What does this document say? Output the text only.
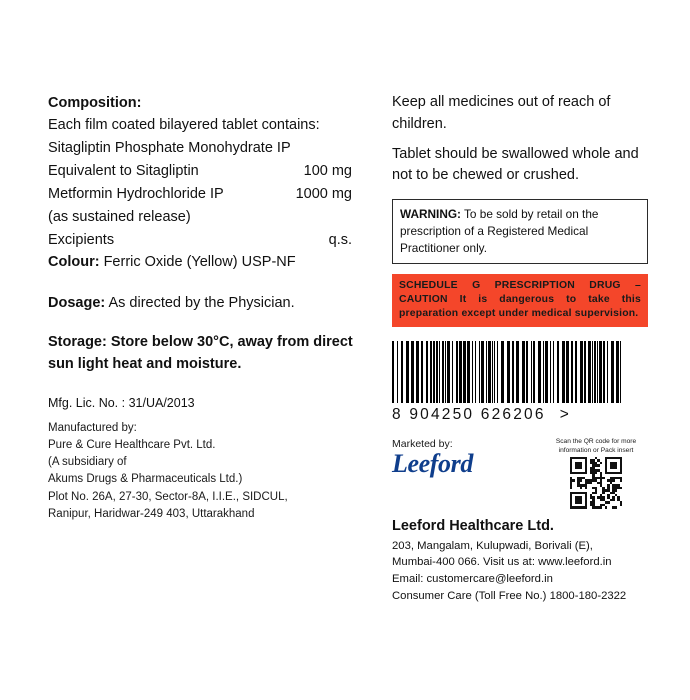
Composition:
Each film coated bilayered tablet contains:
Sitagliptin Phosphate Monohydrate IP
Equivalent to Sitagliptin	100 mg
Metformin Hydrochloride IP	1000 mg
(as sustained release)
Excipients	q.s.
Colour: Ferric Oxide (Yellow) USP-NF
Dosage: As directed by the Physician.
Storage: Store below 30°C, away from direct sun light heat and moisture.
Mfg. Lic. No. : 31/UA/2013
Manufactured by:
Pure & Cure Healthcare Pvt. Ltd.
(A subsidiary of
Akums Drugs & Pharmaceuticals Ltd.)
Plot No. 26A, 27-30, Sector-8A, I.I.E., SIDCUL,
Ranipur, Haridwar-249 403, Uttarakhand
Keep all medicines out of reach of children.
Tablet should be swallowed whole and not to be chewed or crushed.
WARNING: To be sold by retail on the prescription of a Registered Medical Practitioner only.
SCHEDULE G PRESCRIPTION DRUG – CAUTION It is dangerous to take this preparation except under medical supervision.
8 904250 626206 >
Marketed by:
Leeford
Scan the QR code for more information or Pack insert
Leeford Healthcare Ltd.
203, Mangalam, Kulupwadi, Borivali (E),
Mumbai-400 066. Visit us at: www.leeford.in
Email: customercare@leeford.in
Consumer Care (Toll Free No.) 1800-180-2322
